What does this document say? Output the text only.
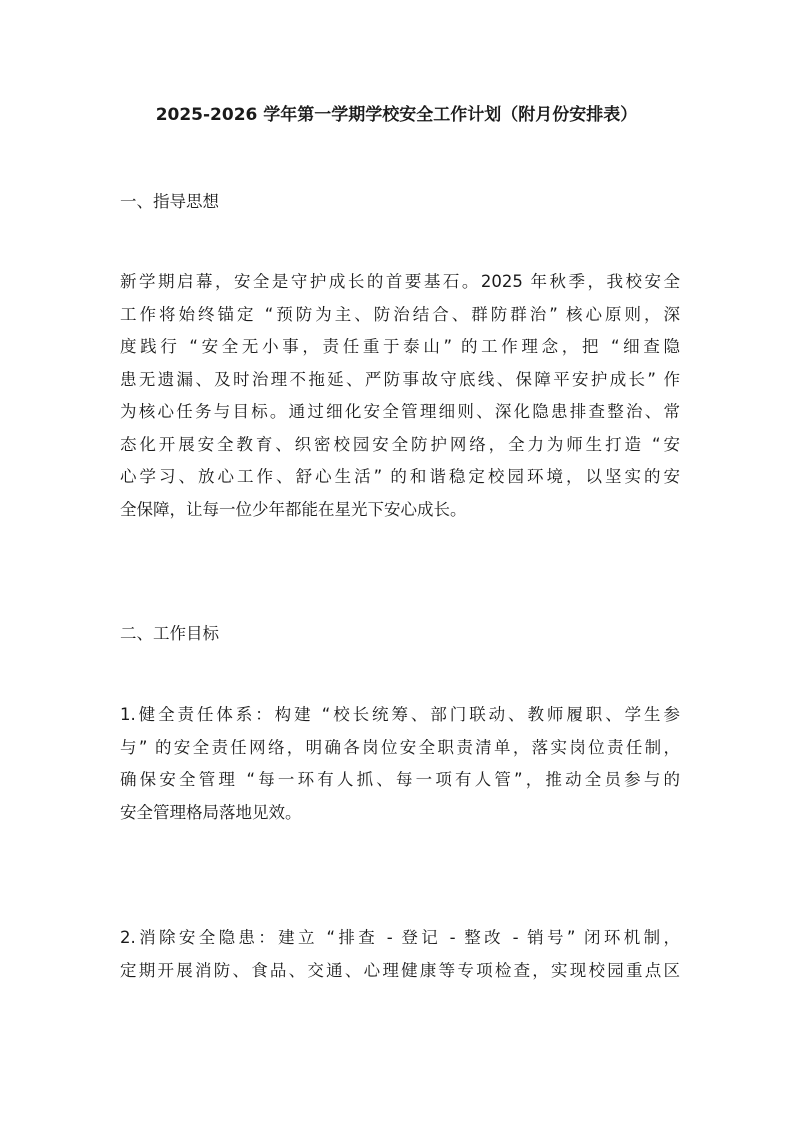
2025-2026 学年第一学期学校安全工作计划（附月份安排表）
一、指导思想
新学期启幕，安全是守护成长的首要基石。2025 年秋季，我校安全
工作将始终锚定 “预防为主、防治结合、群防群治” 核心原则，深
度践行 “安全无小事，责任重于泰山” 的工作理念，把 “细查隐
患无遗漏、及时治理不拖延、严防事故守底线、保障平安护成长” 作
为核心任务与目标。通过细化安全管理细则、深化隐患排查整治、常
态化开展安全教育、织密校园安全防护网络，全力为师生打造 “安
心学习、放心工作、舒心生活” 的和谐稳定校园环境，以坚实的安
全保障，让每一位少年都能在星光下安心成长。
二、工作目标
1.健全责任体系：构建 “校长统筹、部门联动、教师履职、学生参
与” 的安全责任网络，明确各岗位安全职责清单，落实岗位责任制，
确保安全管理 “每一环有人抓、每一项有人管”，推动全员参与的
安全管理格局落地见效。
2.消除安全隐患：建立 “排查 - 登记 - 整改 - 销号” 闭环机制，
定期开展消防、食品、交通、心理健康等专项检查，实现校园重点区
